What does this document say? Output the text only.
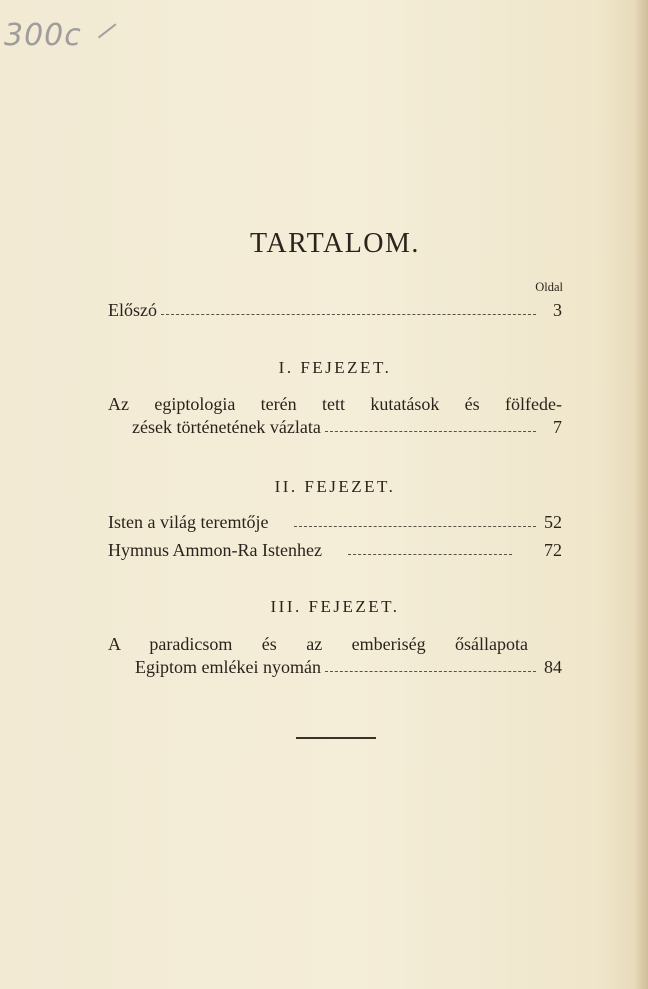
300c
TARTALOM.
Oldal
Előszó	3
I. FEJEZET.
Az egiptologia terén tett kutatások és fölfede-
zések történetének vázlata	7
II. FEJEZET.
Isten a világ teremtője	52
Hymnus Ammon-Ra Istenhez	72
III. FEJEZET.
A paradicsom és az emberiség ősállapota
Egiptom emlékei nyomán	84
